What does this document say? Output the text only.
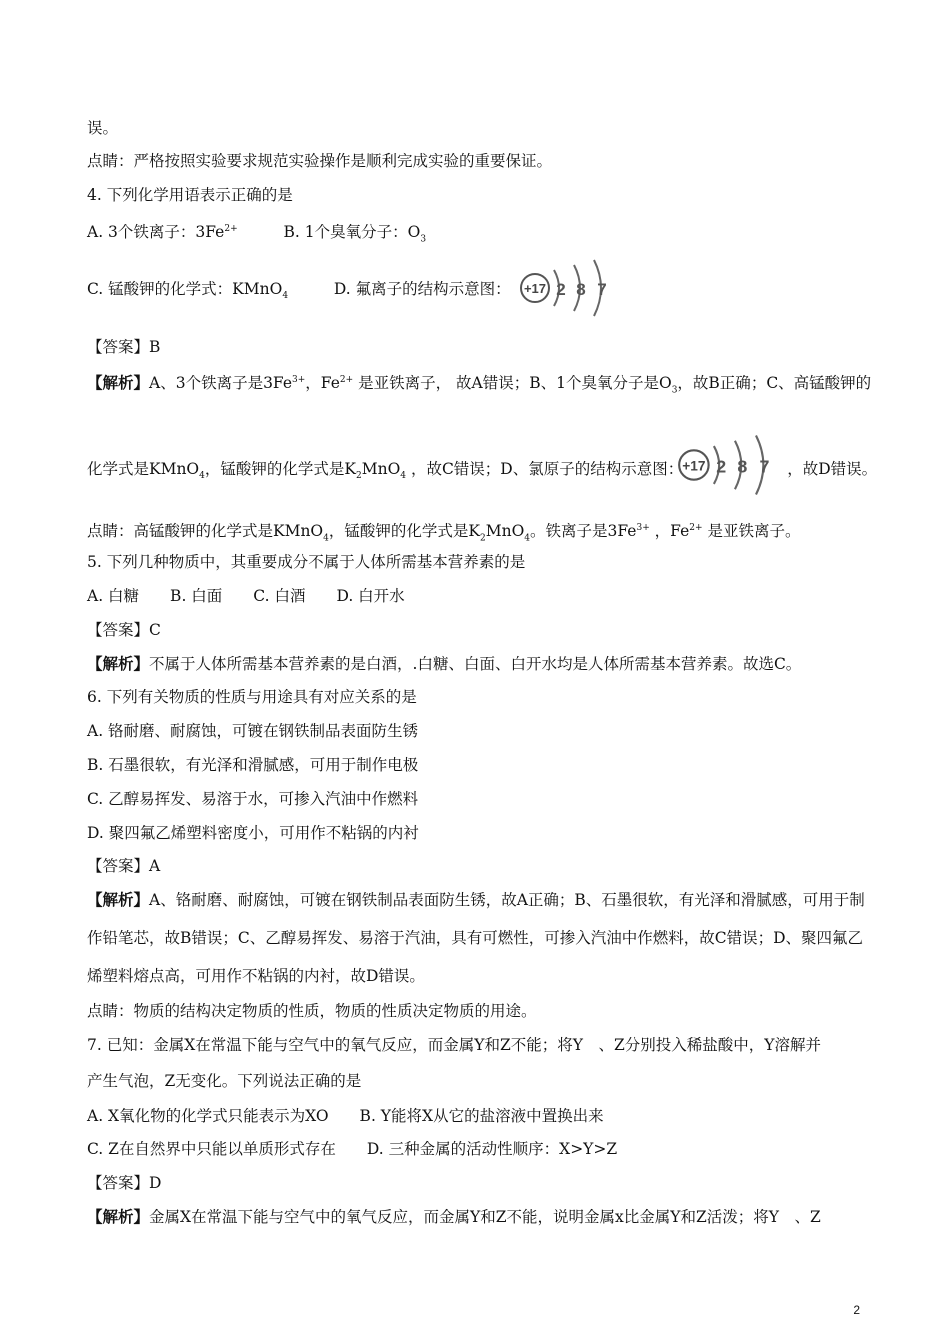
误。
点睛：严格按照实验要求规范实验操作是顺利完成实验的重要保证。
4. 下列化学用语表示正确的是
A. 3个铁离子：$3Fe^{2+}$	B. 1个臭氧分子：$O_3$
C. 锰酸钾的化学式：KMnO$_4$	D. 氟离子的结构示意图： +17 2 8 7
【答案】B
【解析】A、3个铁离子是$3Fe^{3+}$，$Fe^{2+}$ 是亚铁离子， 故A错误；B、1个臭氧分子是$O_3$，故B正确；C、高锰酸钾的
化学式是KMnO$_4$，锰酸钾的化学式是$K_2MnO_4$ ，故C错误；D、氯原子的结构示意图：	，故D错误。
+17 2 8 7
点睛：高锰酸钾的化学式是KMnO$_4$，锰酸钾的化学式是$K_2MnO_4$。铁离子是$3Fe^{3+}$ ，$Fe^{2+}$ 是亚铁离子。
5. 下列几种物质中，其重要成分不属于人体所需基本营养素的是
A. 白糖　　B. 白面　　C. 白酒　　D. 白开水
【答案】C
【解析】不属于人体所需基本营养素的是白酒，.白糖、白面、白开水均是人体所需基本营养素。故选C。
6. 下列有关物质的性质与用途具有对应关系的是
A. 铬耐磨、耐腐蚀，可镀在钢铁制品表面防生锈
B. 石墨很软，有光泽和滑腻感，可用于制作电极
C. 乙醇易挥发、易溶于水，可掺入汽油中作燃料
D. 聚四氟乙烯塑料密度小，可用作不粘锅的内衬
【答案】A
【解析】A、铬耐磨、耐腐蚀，可镀在钢铁制品表面防生锈，故A正确；B、石墨很软，有光泽和滑腻感，可用于制
作铅笔芯，故B错误；C、乙醇易挥发、易溶于汽油，具有可燃性，可掺入汽油中作燃料，故C错误；D、聚四氟乙
烯塑料熔点高，可用作不粘锅的内衬，故D错误。
点睛：物质的结构决定物质的性质，物质的性质决定物质的用途。
7. 已知：金属X在常温下能与空气中的氧气反应，而金属Y和Z不能；将Y　、Z分别投入稀盐酸中，Y溶解并
产生气泡，Z无变化。下列说法正确的是
A. X氧化物的化学式只能表示为XO　　B. Y能将X从它的盐溶液中置换出来
C. Z在自然界中只能以单质形式存在　　D. 三种金属的活动性顺序：X>Y>Z
【答案】D
【解析】金属X在常温下能与空气中的氧气反应，而金属Y和Z不能，说明金属x比金属Y和Z活泼；将Y　、Z
2
